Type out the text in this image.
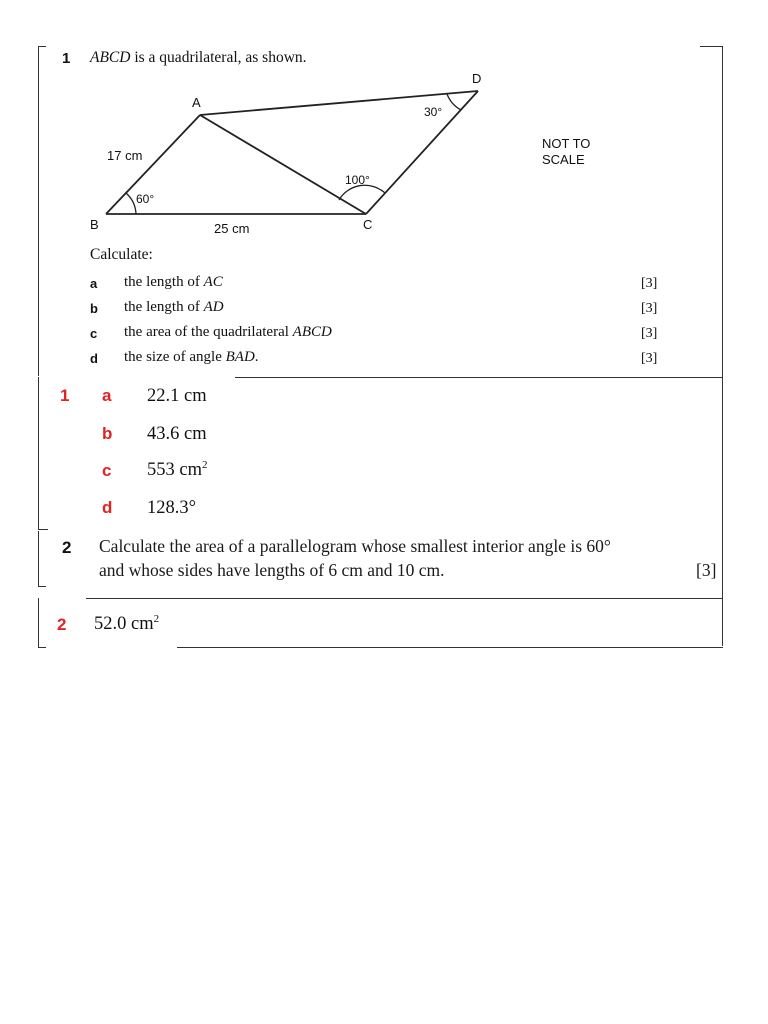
1 ABCD is a quadrilateral, as shown.
A
B	C
D
17 cm
25 cm
60°
100°
30°
NOT TO
SCALE
Calculate:
a the length of AC	[3]
b the length of AD	[3]
c the area of the quadrilateral ABCD	[3]
d the size of angle BAD.	[3]
1 a 22.1 cm
b 43.6 cm
c 553 $cm^2$
d 128.3°
2 Calculate the area of a parallelogram whose smallest interior angle is 60°
and whose sides have lengths of 6 cm and 10 cm.	[3]
2 52.0 $cm^2$
